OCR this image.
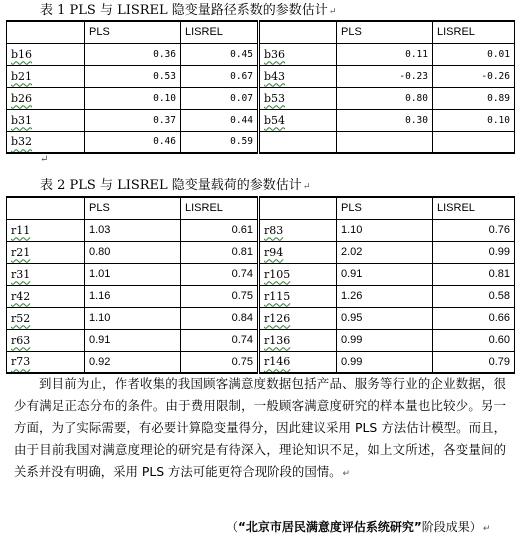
表 1 PLS 与 LISREL 隐变量路径系数的参数估计↵
	PLS	LISREL		PLS	LISREL
b16	0.36	0.45	b36	0.11	0.01
b21	0.53	0.67	b43	-0.23	-0.26
b26	0.10	0.07	b53	0.80	0.89
b31	0.37	0.44	b54	0.30	0.10
b32	0.46	0.59			
↵
表 2 PLS 与 LISREL 隐变量载荷的参数估计↵
	PLS	LISREL		PLS	LISREL
r11	1.03	0.61	r83	1.10	0.76
r21	0.80	0.81	r94	2.02	0.99
r31	1.01	0.74	r105	0.91	0.81
r42	1.16	0.75	r115	1.26	0.58
r52	1.10	0.84	r126	0.95	0.66
r63	0.91	0.74	r136	0.99	0.60
r73	0.92	0.75	r146	0.99	0.79
到目前为止，作者收集的我国顾客满意度数据包括产品、服务等行业的企业数据，很少有满足正态分布的条件。由于费用限制，一般顾客满意度研究的样本量也比较少。另一方面，为了实际需要，有必要计算隐变量得分，因此建议采用 PLS 方法估计模型。而且，由于目前我国对满意度理论的研究是有待深入，理论知识不足，如上文所述，各变量间的关系并没有明确，采用 PLS 方法可能更符合现阶段的国情。↵
（“北京市居民满意度评估系统研究”阶段成果）↵
